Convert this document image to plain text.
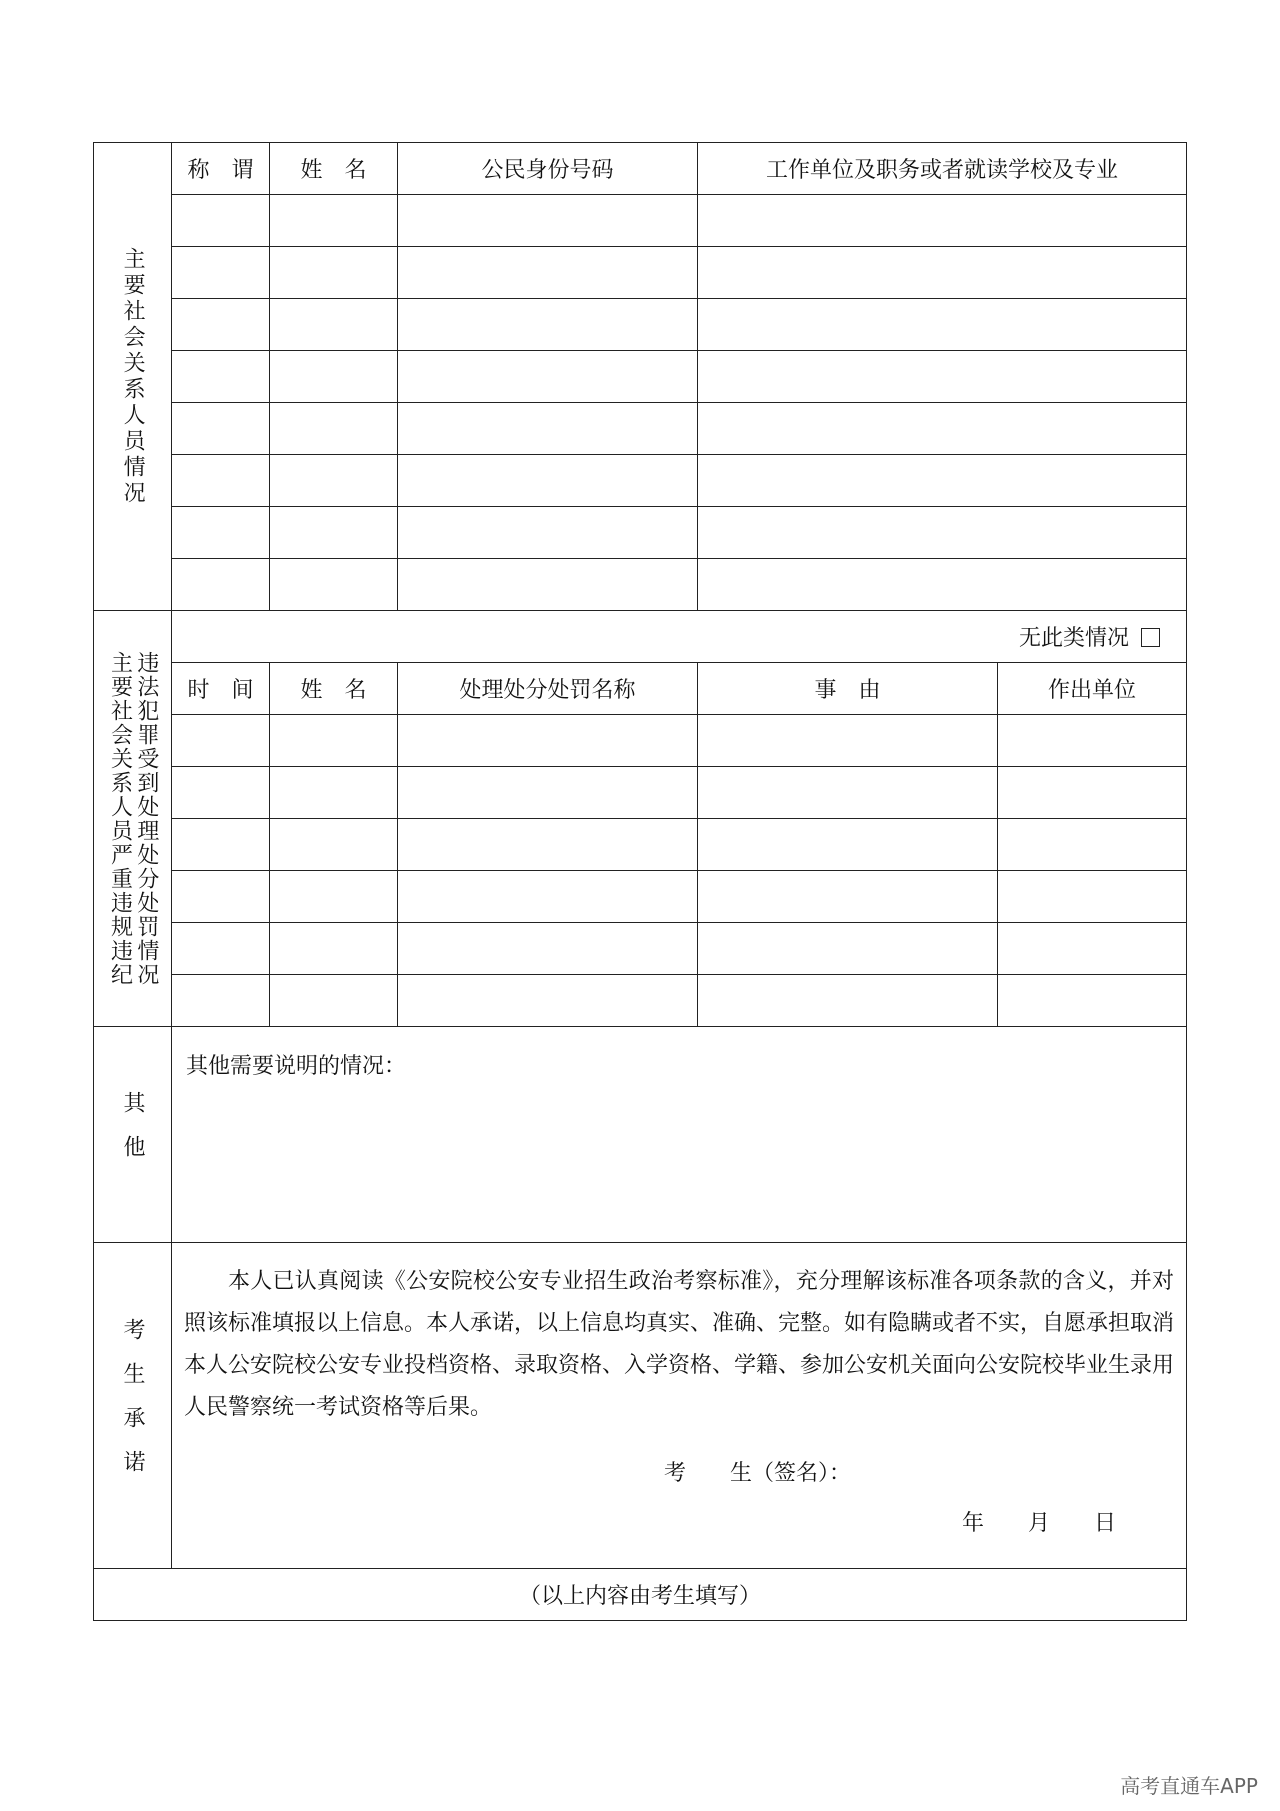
主要社会关系人员情况	称　谓	姓　名	公民身份号码	工作单位及职务或者就读学校及专业	

主要社会关系人员严重违规违纪 违法犯罪受到处理处分处罚情况	无此类情况				
	时　间	姓　名	处理处分处罚名称	事　由	作出单位

其他	其他需要说明的情况：				

考生承诺	本人已认真阅读《公安院校公安专业招生政治考察标准》，充分理解该标准各项条款的含义，并对照该标准填报以上信息。本人承诺，以上信息均真实、准确、完整。如有隐瞒或者不实，自愿承担取消本人公安院校公安专业投档资格、录取资格、入学资格、学籍、参加公安机关面向公安院校毕业生录用人民警察统一考试资格等后果。

考　　生（签名）：
年　　月　　日				

（以上内容由考生填写）					
高考直通车APP
